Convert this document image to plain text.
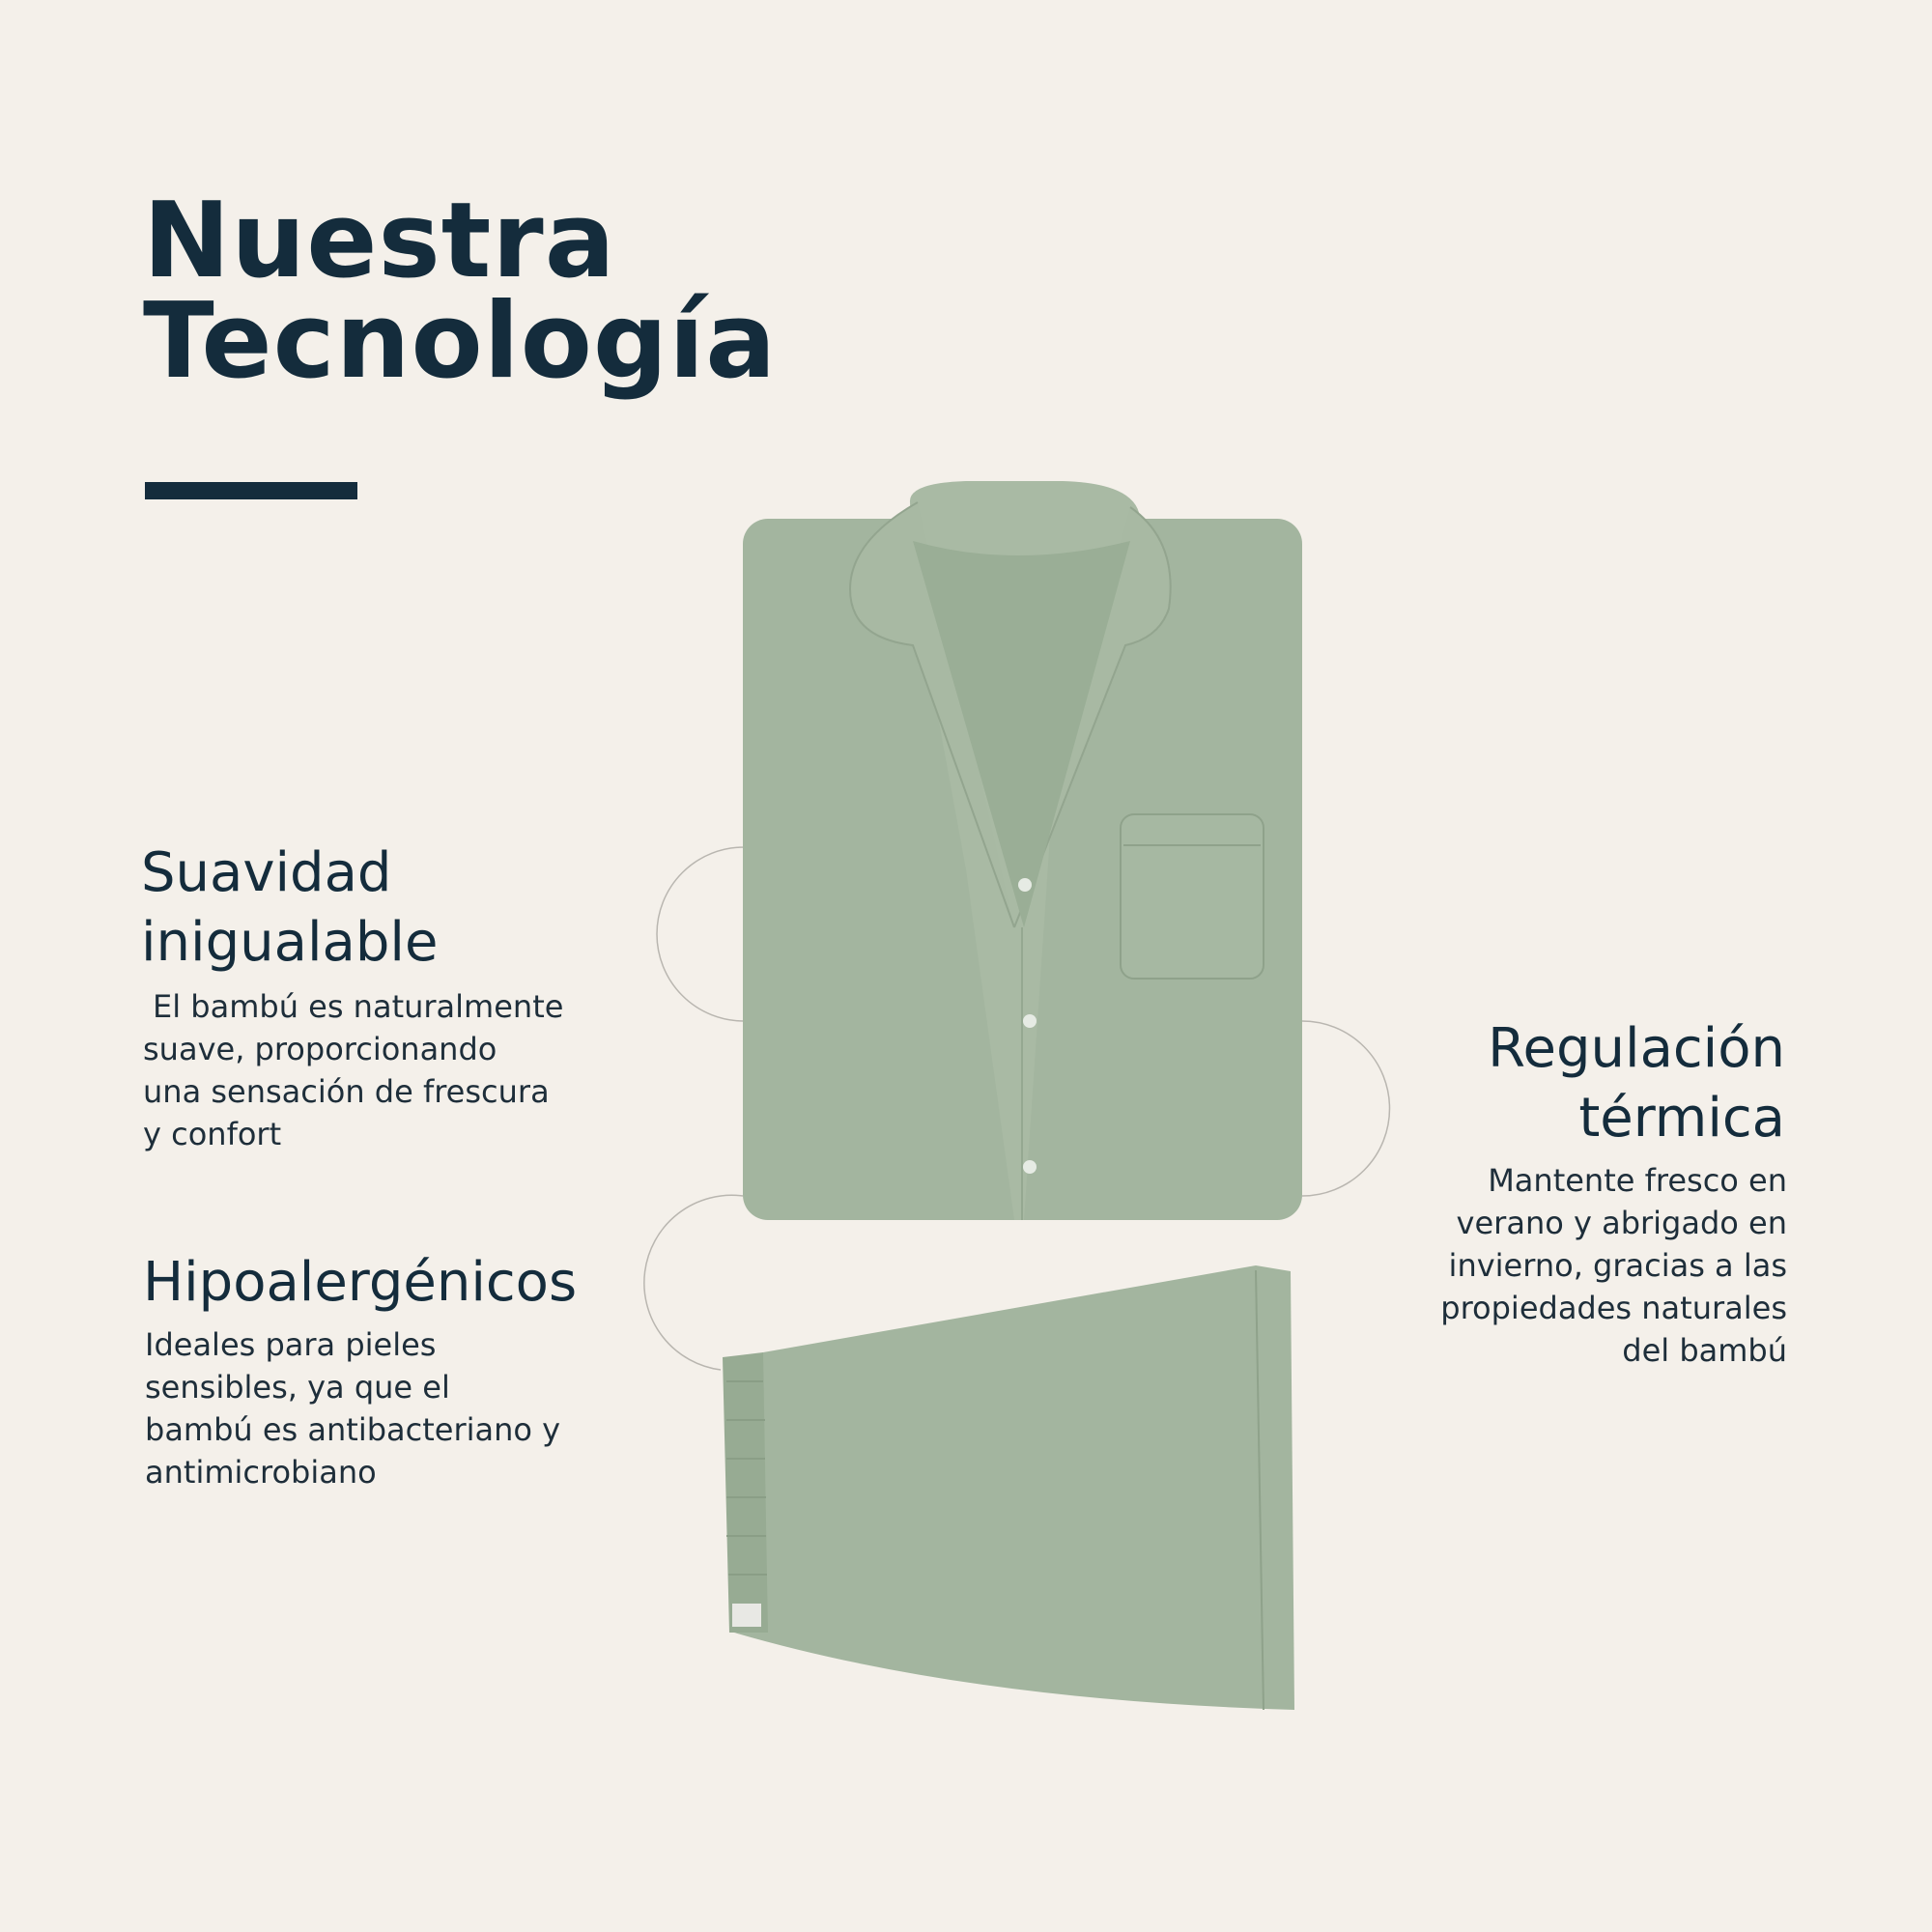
Nuestra
Tecnología
Suavidad
inigualable
El bambú es naturalmente
suave, proporcionando
una sensación de frescura
y confort
Regulación
térmica
Mantente fresco en
verano y abrigado en
invierno, gracias a las
propiedades naturales
del bambú
Hipoalergénicos
Ideales para pieles
sensibles, ya que el
bambú es antibacteriano y
antimicrobiano
